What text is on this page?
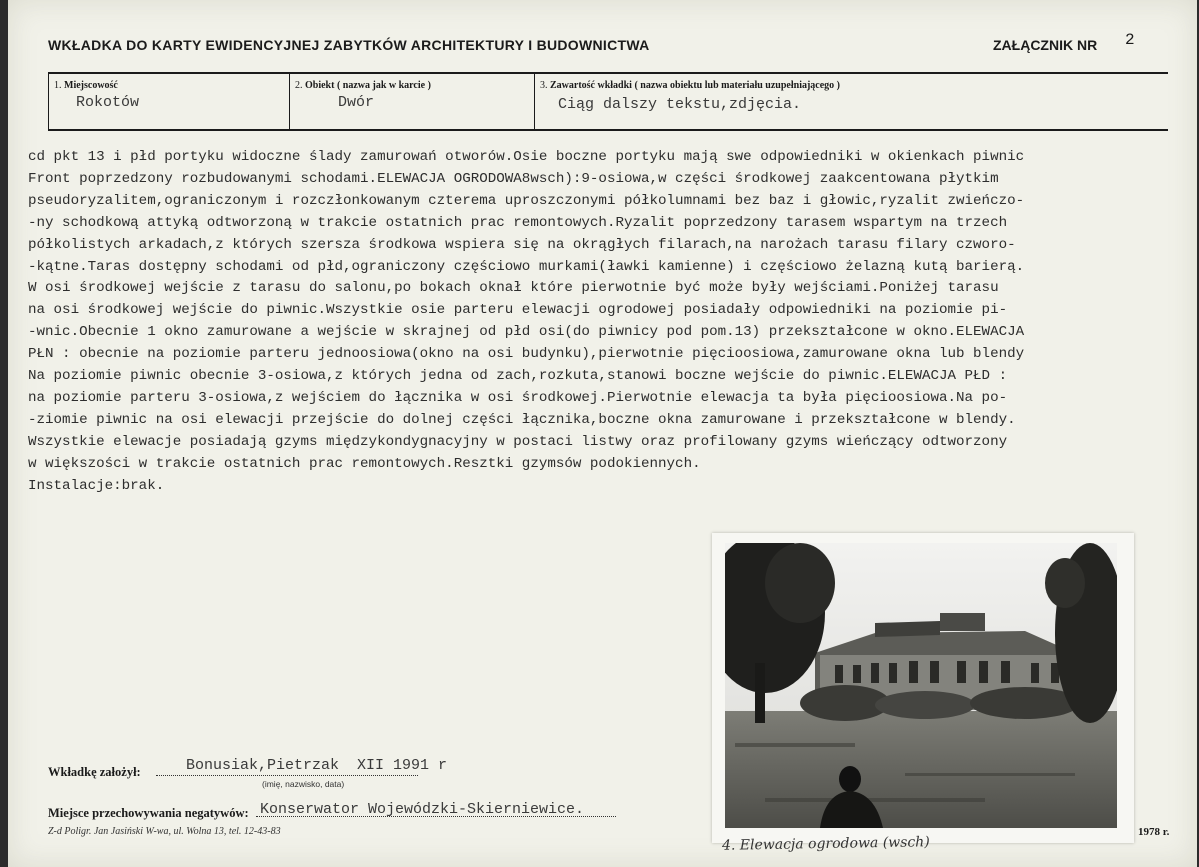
WKŁADKA DO KARTY EWIDENCYJNEJ ZABYTKÓW ARCHITEKTURY I BUDOWNICTWA	ZAŁĄCZNIK NR 2
1. Miejscowość
Rokotów
2. Obiekt ( nazwa jak w karcie )
Dwór
3. Zawartość wkładki ( nazwa obiektu lub materiału uzupełniającego )
Ciąg dalszy tekstu,zdjęcia.
cd pkt 13 i płd portyku widoczne ślady zamurowań otworów.Osie boczne portyku mają swe odpowiedniki w okienkach piwnic
Front poprzedzony rozbudowanymi schodami.ELEWACJA OGRODOWA8wsch):9-osiowa,w części środkowej zaakcentowana płytkim
pseudoryzalitem,ograniczonym i rozczłonkowanym czterema uproszczonymi półkolumnami bez baz i głowic,ryzalit zwieńczo-
-ny schodkową attyką odtworzoną w trakcie ostatnich prac remontowych.Ryzalit poprzedzony tarasem wspartym na trzech
półkolistych arkadach,z których szersza środkowa wspiera się na okrągłych filarach,na narożach tarasu filary czworo-
-kątne.Taras dostępny schodami od płd,ograniczony częściowo murkami(ławki kamienne) i częściowo żelazną kutą barierą.
W osi środkowej wejście z tarasu do salonu,po bokach oknał które pierwotnie być może były wejściami.Poniżej tarasu
na osi środkowej wejście do piwnic.Wszystkie osie parteru elewacji ogrodowej posiadały odpowiedniki na poziomie pi-
-wnic.Obecnie 1 okno zamurowane a wejście w skrajnej od płd osi(do piwnicy pod pom.13) przekształcone w okno.ELEWACJA
PŁN : obecnie na poziomie parteru jednoosiowa(okno na osi budynku),pierwotnie pięcioosiowa,zamurowane okna lub blendy
Na poziomie piwnic obecnie 3-osiowa,z których jedna od zach,rozkuta,stanowi boczne wejście do piwnic.ELEWACJA PŁD :
na poziomie parteru 3-osiowa,z wejściem do łącznika w osi środkowej.Pierwotnie elewacja ta była pięcioosiowa.Na po-
-ziomie piwnic na osi elewacji przejście do dolnej części łącznika,boczne okna zamurowane i przekształcone w blendy.
Wszystkie elewacje posiadają gzyms międzykondygnacyjny w postaci listwy oraz profilowany gzyms wieńczący odtworzony
w większości w trakcie ostatnich prac remontowych.Resztki gzymsów podokiennych.
Instalacje:brak.
Wkładkę założył:	Bonusiak,Pietrzak  XII 1991 r
(imię, nazwisko, data)
Miejsce przechowywania negatywów: Konserwator Wojewódzki-Skierniewice.
Z-d Poligr. Jan Jasiński W-wa, ul. Wolna 13, tel. 12-43-83	1978 r.
4. Elewacja ogrodowa (wsch)
